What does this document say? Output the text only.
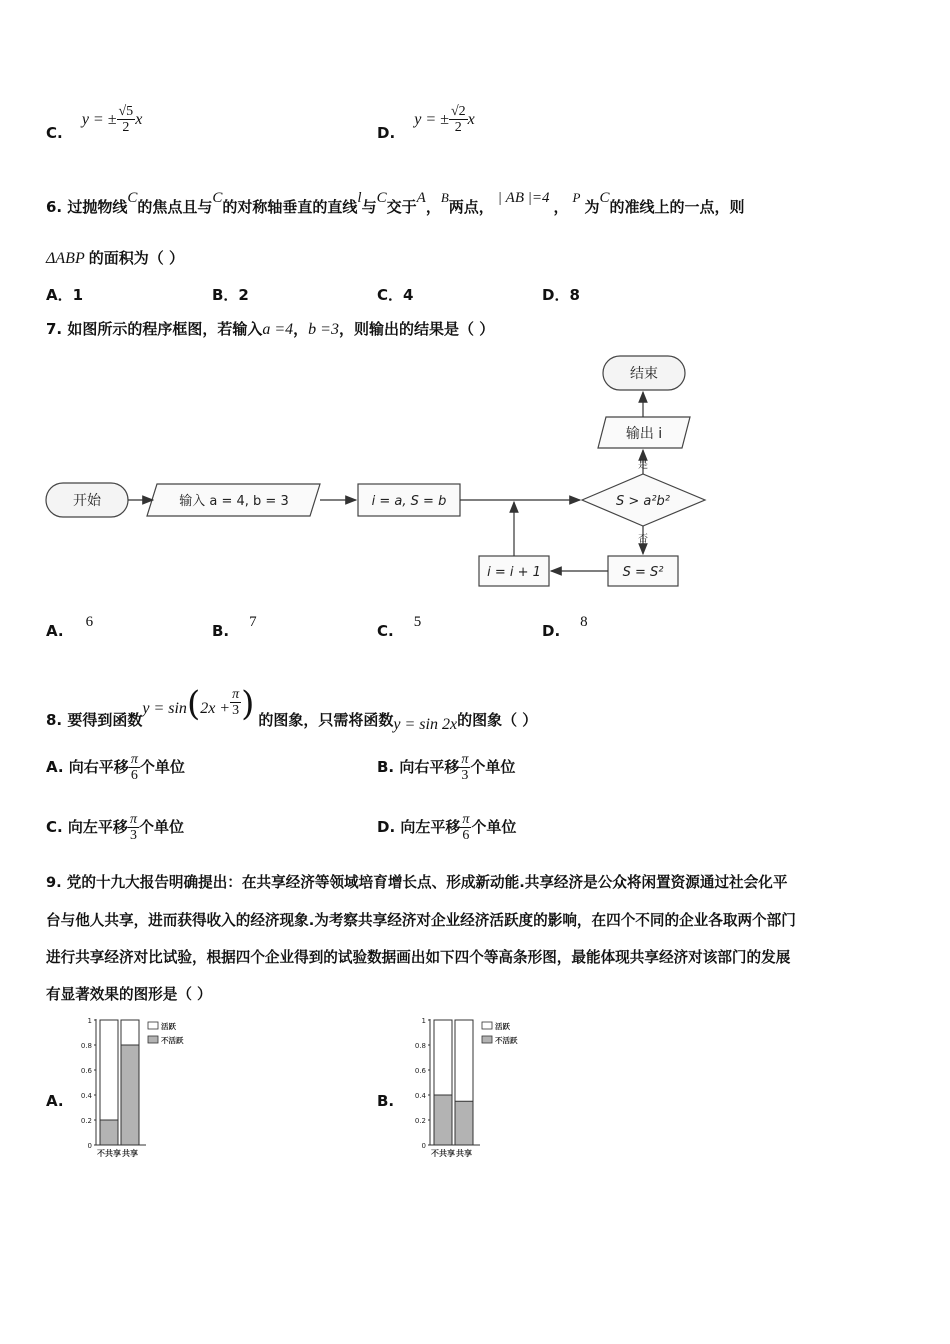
C. y = ± $\frac{√5}{2}$ x
D. y = ± $\frac{√2}{2}$ x
6. 过抛物线C的焦点且与C的对称轴垂直的直线l与C交于A，B两点， | AB |=4 ，P为C的准线上的一点，则
ΔABP 的面积为（ ）
A．1	B．2	C．4	D．8
7. 如图所示的程序框图，若输入a =4，b =3，则输出的结果是（ ）
开始	输入 a = 4, b = 3	i = a, S = b	S > a²b²
是
否
输出 i
结束
S = S²
i = i + 1
A. 6	B. 7	C. 5	D. 8
8. 要得到函数$y = \sin(2x + \frac{\pi}{3}$ ) 的图象，只需将函数y = sin 2x的图象（ ）
A. 向右平移 $\frac{\pi}{6}$ 个单位	B. 向右平移 $\frac{\pi}{3}$ 个单位
C. 向左平移 $\frac{\pi}{3}$ 个单位	D. 向左平移 $\frac{\pi}{6}$ 个单位
9. 党的十九大报告明确提出：在共享经济等领域培育增长点、形成新动能.共享经济是公众将闲置资源通过社会化平
台与他人共享，进而获得收入的经济现象.为考察共享经济对企业经济活跃度的影响，在四个不同的企业各取两个部门
进行共享经济对比试验，根据四个企业得到的试验数据画出如下四个等高条形图，最能体现共享经济对该部门的发展
有显著效果的图形是（ ）
A.	B.
0
0.2
0.4
0.6
0.8
1
不共享 共享
活跃
不活跃
0
0.2
0.4
0.6
0.8
1
不共享 共享
活跃
不活跃
